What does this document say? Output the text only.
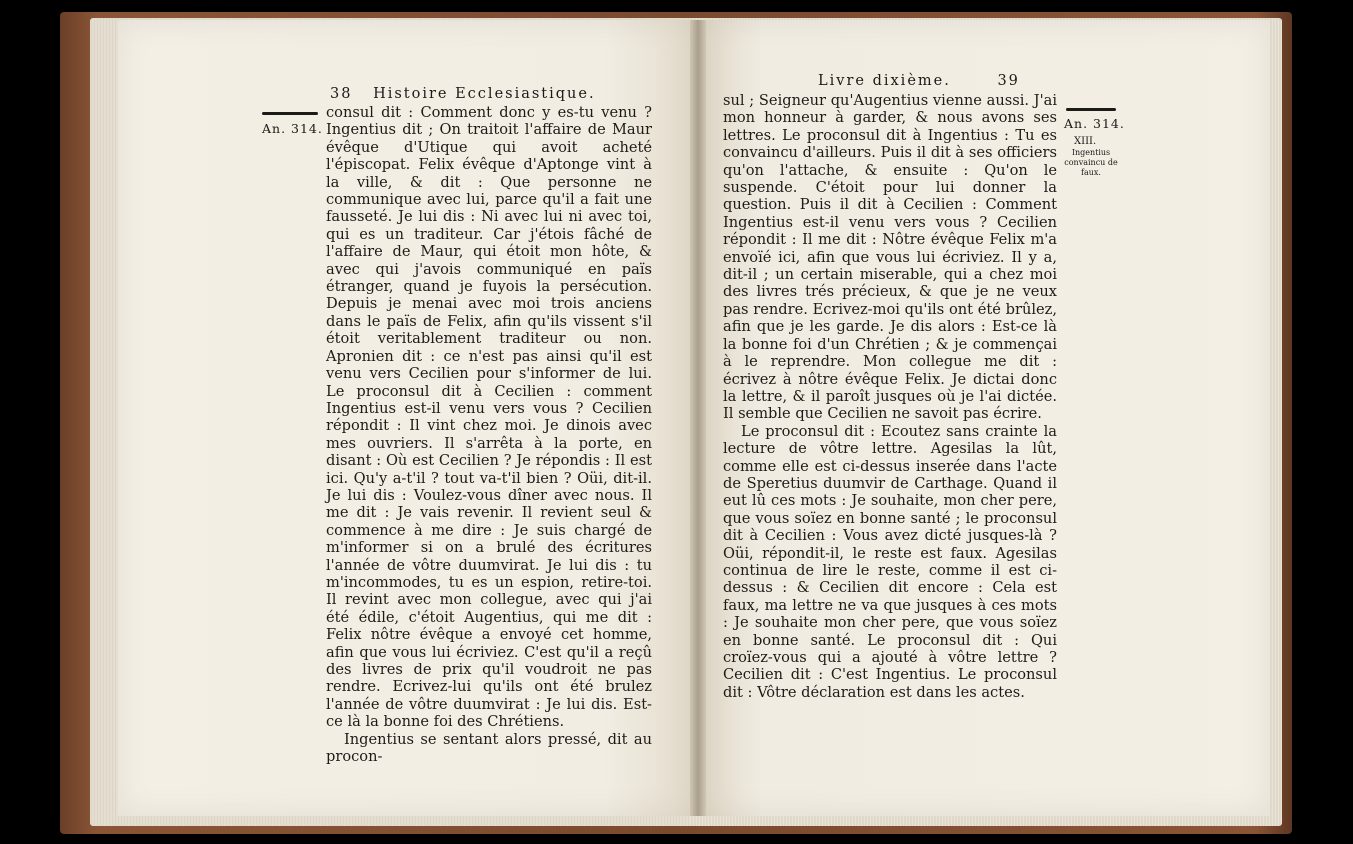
38 Histoire Ecclesiastique.
An. 314.

consul dit : Comment donc y es-tu venu ? Ingentius dit ; On traitoit l'affaire de Maur évêque d'Utique qui avoit acheté l'épiscopat. Felix évêque d'Aptonge vint à la ville, & dit : Que personne ne communique avec lui, parce qu'il a fait une fausseté. Je lui dis : Ni avec lui ni avec toi, qui es un traditeur. Car j'étois fâché de l'affaire de Maur, qui étoit mon hôte, & avec qui j'avois communiqué en païs étranger, quand je fuyois la persécution. Depuis je menai avec moi trois anciens dans le païs de Felix, afin qu'ils vissent s'il étoit veritablement traditeur ou non. Apronien dit : ce n'est pas ainsi qu'il est venu vers Cecilien pour s'informer de lui. Le proconsul dit à Cecilien : comment Ingentius est-il venu vers vous ? Cecilien répondit : Il vint chez moi. Je dinois avec mes ouvriers. Il s'arrêta à la porte, en disant : Où est Cecilien ? Je répondis : Il est ici. Qu'y a-t'il ? tout va-t'il bien ? Oüi, dit-il. Je lui dis : Voulez-vous dîner avec nous. Il me dit : Je vais revenir. Il revient seul & commence à me dire : Je suis chargé de m'informer si on a brulé des écritures l'année de vôtre duumvirat. Je lui dis : tu m'incommodes, tu es un espion, retire-toi. Il revint avec mon collegue, avec qui j'ai été édile, c'étoit Augentius, qui me dit : Felix nôtre évêque a envoyé cet homme, afin que vous lui écriviez. C'est qu'il a reçû des livres de prix qu'il voudroit ne pas rendre. Ecrivez-lui qu'ils ont été brulez l'année de vôtre duumvirat : Je lui dis. Est-ce là la bonne foi des Chrétiens.

Ingentius se sentant alors pressé, dit au procon-

Livre dixième.	39
An. 314.
XIII.
Ingentius convaincu de faux.

sul ; Seigneur qu'Augentius vienne aussi. J'ai mon honneur à garder, & nous avons ses lettres. Le proconsul dit à Ingentius : Tu es convaincu d'ailleurs. Puis il dit à ses officiers qu'on l'attache, & ensuite : Qu'on le suspende. C'étoit pour lui donner la question. Puis il dit à Cecilien : Comment Ingentius est-il venu vers vous ? Cecilien répondit : Il me dit : Nôtre évêque Felix m'a envoïé ici, afin que vous lui écriviez. Il y a, dit-il ; un certain miserable, qui a chez moi des livres trés précieux, & que je ne veux pas rendre. Ecrivez-moi qu'ils ont été brûlez, afin que je les garde. Je dis alors : Est-ce là la bonne foi d'un Chrétien ; & je commençai à le reprendre. Mon collegue me dit : écrivez à nôtre évêque Felix. Je dictai donc la lettre, & il paroît jusques où je l'ai dictée. Il semble que Cecilien ne savoit pas écrire.

Le proconsul dit : Ecoutez sans crainte la lecture de vôtre lettre. Agesilas la lût, comme elle est ci-dessus inserée dans l'acte de Speretius duumvir de Carthage. Quand il eut lû ces mots : Je souhaite, mon cher pere, que vous soïez en bonne santé ; le proconsul dit à Cecilien : Vous avez dicté jusques-là ? Oüi, répondit-il, le reste est faux. Agesilas continua de lire le reste, comme il est ci-dessus : & Cecilien dit encore : Cela est faux, ma lettre ne va que jusques à ces mots : Je souhaite mon cher pere, que vous soïez en bonne santé. Le proconsul dit : Qui croïez-vous qui a ajouté à vôtre lettre ? Cecilien dit : C'est Ingentius. Le proconsul dit : Vôtre déclaration est dans les actes.
